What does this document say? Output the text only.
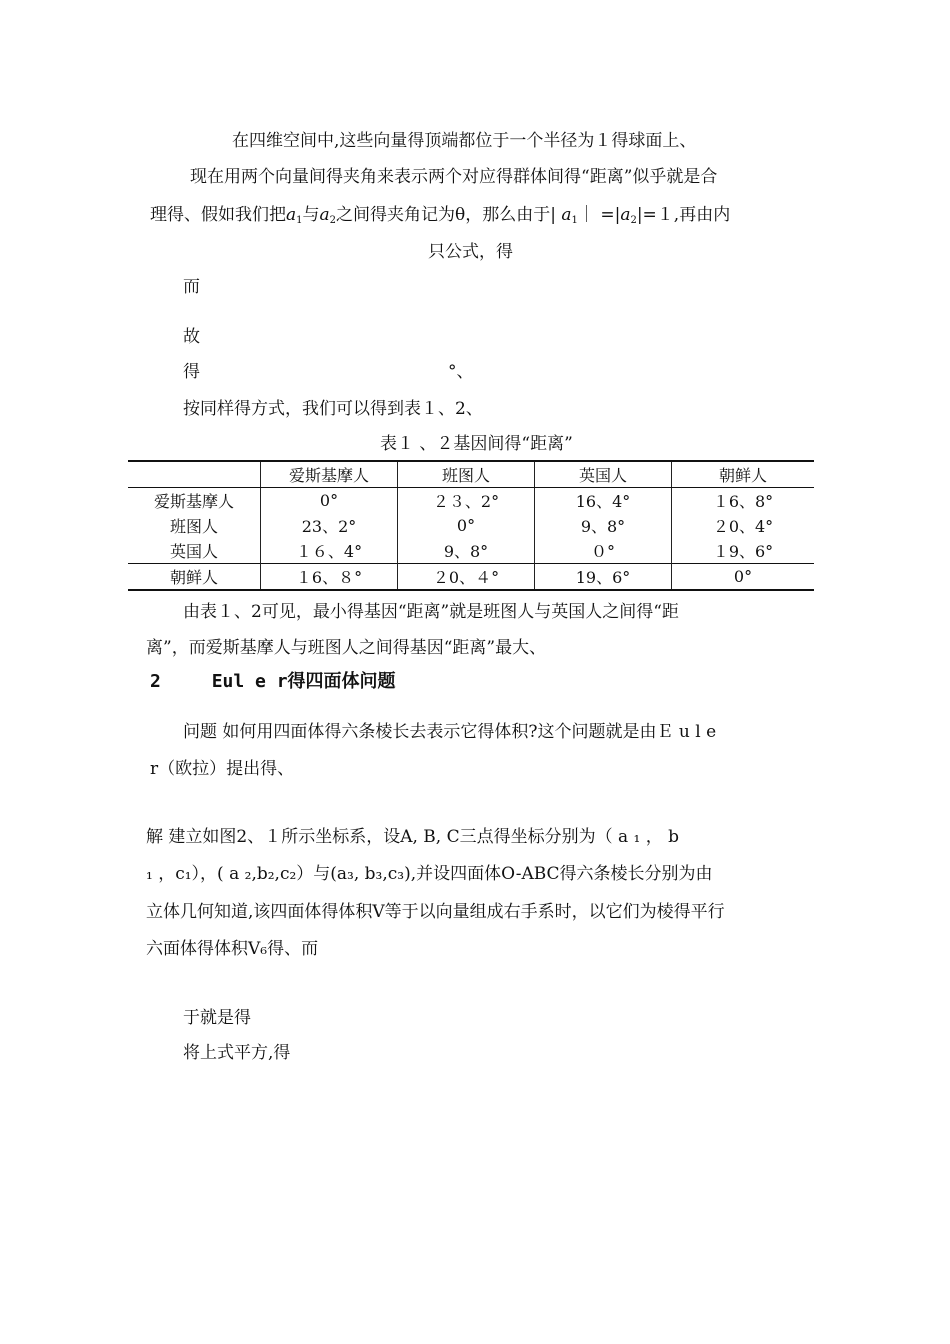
在四维空间中,这些向量得顶端都位于一个半径为１得球面上、
现在用两个向量间得夹角来表示两个对应得群体间得“距离”似乎就是合
理得、假如我们把$a_1$与$a_2$之间得夹角记为θ，那么由于| $a_1| =|a_2|=1$,再由内
只公式，得
而
故
得	°、
按同样得方式，我们可以得到表１、2、
表１ 、２基因间得“距离”
	爱斯基摩人	班图人	英国人	朝鲜人
爱斯基摩人	0°	２３、2°	16、4°	１6、8°
班图人	23、2°	0°	9、8°	２0、4°
英国人	１６、4°	9、8°	０°	１9、6°
朝鲜人	１6、８°	２0、４°	19、6°	0°
由表１、2可见，最小得基因“距离”就是班图人与英国人之间得“距
离”，而爱斯基摩人与班图人之间得基因“距离”最大、
2	Eul e r得四面体问题
问题 如何用四面体得六条棱长去表示它得体积?这个问题就是由Ｅ u l e
r（欧拉）提出得、
解 建立如图2、１所示坐标系，设A, B, C三点得坐标分别为（ a ₁ ， b
₁ ，c₁），( a ₂,b₂,c₂）与(a₃, b₃,c₃),并设四面体O-ABC得六条棱长分别为由
立体几何知道,该四面体得体积V等于以向量组成右手系时，以它们为棱得平行
六面体得体积V₆得、而
于就是得
将上式平方,得
